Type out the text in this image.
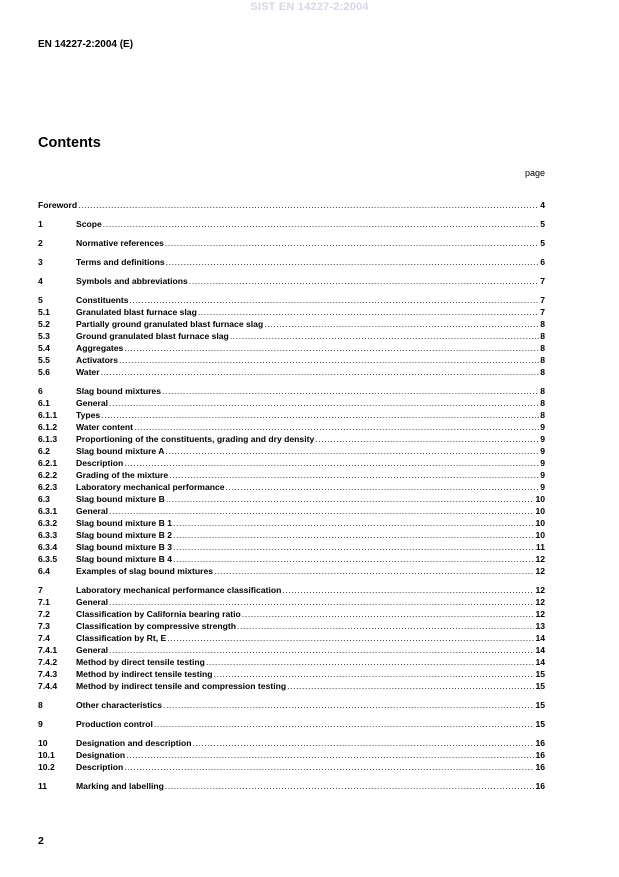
SIST EN 14227-2:2004
EN 14227-2:2004 (E)
Contents
page
Foreword .....	4
1	Scope .....	5
2	Normative references .....	5
3	Terms and definitions .....	6
4	Symbols and abbreviations .....	7
5	Constituents .....	7
5.1	Granulated blast furnace slag .....	7
5.2	Partially ground granulated blast furnace slag .....	8
5.3	Ground granulated blast furnace slag .....	8
5.4	Aggregates .....	8
5.5	Activators .....	8
5.6	Water .....	8
6	Slag bound mixtures .....	8
6.1	General .....	8
6.1.1	Types .....	8
6.1.2	Water content .....	9
6.1.3	Proportioning of the constituents, grading and dry density .....	9
6.2	Slag bound mixture A .....	9
6.2.1	Description .....	9
6.2.2	Grading of the mixture .....	9
6.2.3	Laboratory mechanical performance .....	9
6.3	Slag bound mixture B .....	10
6.3.1	General .....	10
6.3.2	Slag bound mixture B 1 .....	10
6.3.3	Slag bound mixture B 2 .....	10
6.3.4	Slag bound mixture B 3 .....	11
6.3.5	Slag bound mixture B 4 .....	12
6.4	Examples of slag bound mixtures .....	12
7	Laboratory mechanical performance classification .....	12
7.1	General .....	12
7.2	Classification by California bearing ratio .....	12
7.3	Classification by compressive strength .....	13
7.4	Classification by Rt, E .....	14
7.4.1	General .....	14
7.4.2	Method by direct tensile testing .....	14
7.4.3	Method by indirect tensile testing .....	15
7.4.4	Method by indirect tensile and compression testing .....	15
8	Other characteristics .....	15
9	Production control .....	15
10	Designation and description .....	16
10.1	Designation .....	16
10.2	Description .....	16
11	Marking and labelling .....	16
2
